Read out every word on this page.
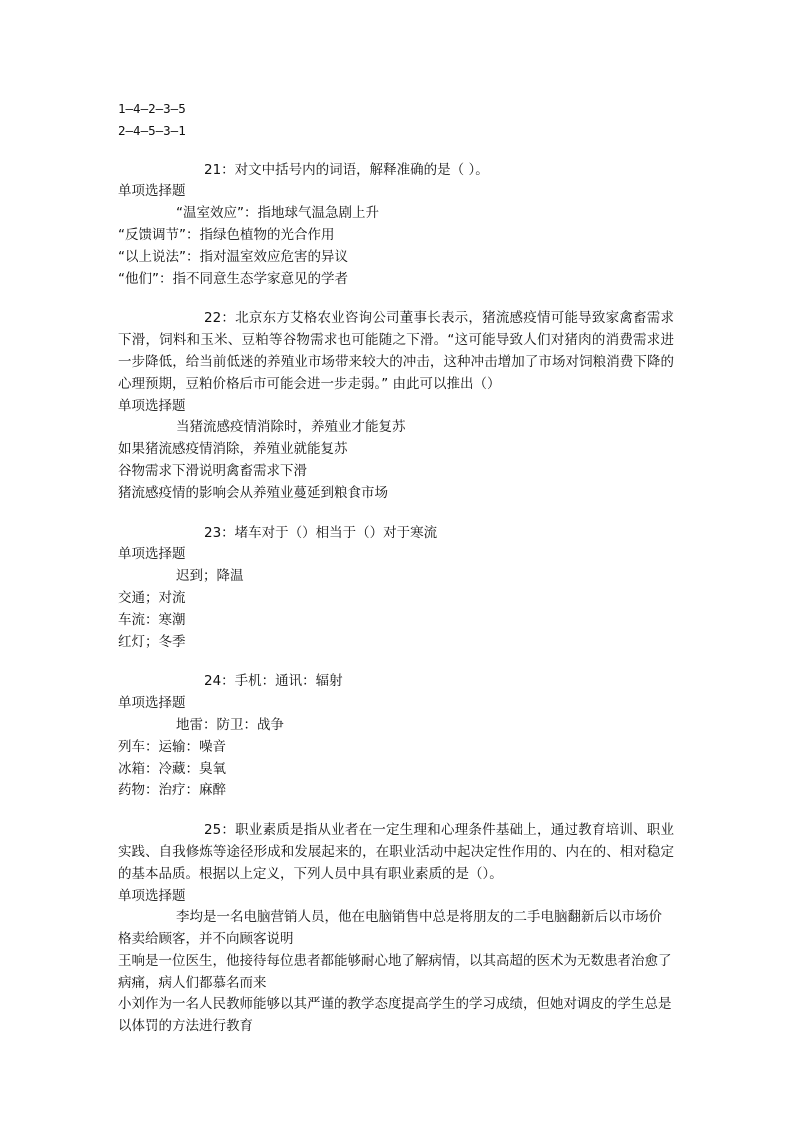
1—4—2—3—5
2—4—5—3—1
21：对文中括号内的词语，解释准确的是（ ）。
单项选择题
“温室效应”：指地球气温急剧上升
“反馈调节”：指绿色植物的光合作用
“以上说法”：指对温室效应危害的异议
“他们”：指不同意生态学家意见的学者
22：北京东方艾格农业咨询公司董事长表示，猪流感疫情可能导致家禽畜需求下滑，饲料和玉米、豆粕等谷物需求也可能随之下滑。“这可能导致人们对猪肉的消费需求进一步降低，给当前低迷的养殖业市场带来较大的冲击，这种冲击增加了市场对饲粮消费下降的心理预期，豆粕价格后市可能会进一步走弱。” 由此可以推出（）
单项选择题
当猪流感疫情消除时，养殖业才能复苏
如果猪流感疫情消除，养殖业就能复苏
谷物需求下滑说明禽畜需求下滑
猪流感疫情的影响会从养殖业蔓延到粮食市场
23：堵车对于（）相当于（）对于寒流
单项选择题
迟到；降温
交通；对流
车流：寒潮
红灯；冬季
24：手机：通讯：辐射
单项选择题
地雷：防卫：战争
列车：运输：噪音
冰箱：冷藏：臭氧
药物：治疗：麻醉
25：职业素质是指从业者在一定生理和心理条件基础上，通过教育培训、职业实践、自我修炼等途径形成和发展起来的，在职业活动中起决定性作用的、内在的、相对稳定的基本品质。根据以上定义，下列人员中具有职业素质的是（）。
单项选择题
李均是一名电脑营销人员，他在电脑销售中总是将朋友的二手电脑翻新后以市场价格卖给顾客，并不向顾客说明
王响是一位医生，他接待每位患者都能够耐心地了解病情，以其高超的医术为无数患者治愈了病痛，病人们都慕名而来
小刘作为一名人民教师能够以其严谨的教学态度提高学生的学习成绩，但她对调皮的学生总是以体罚的方法进行教育
